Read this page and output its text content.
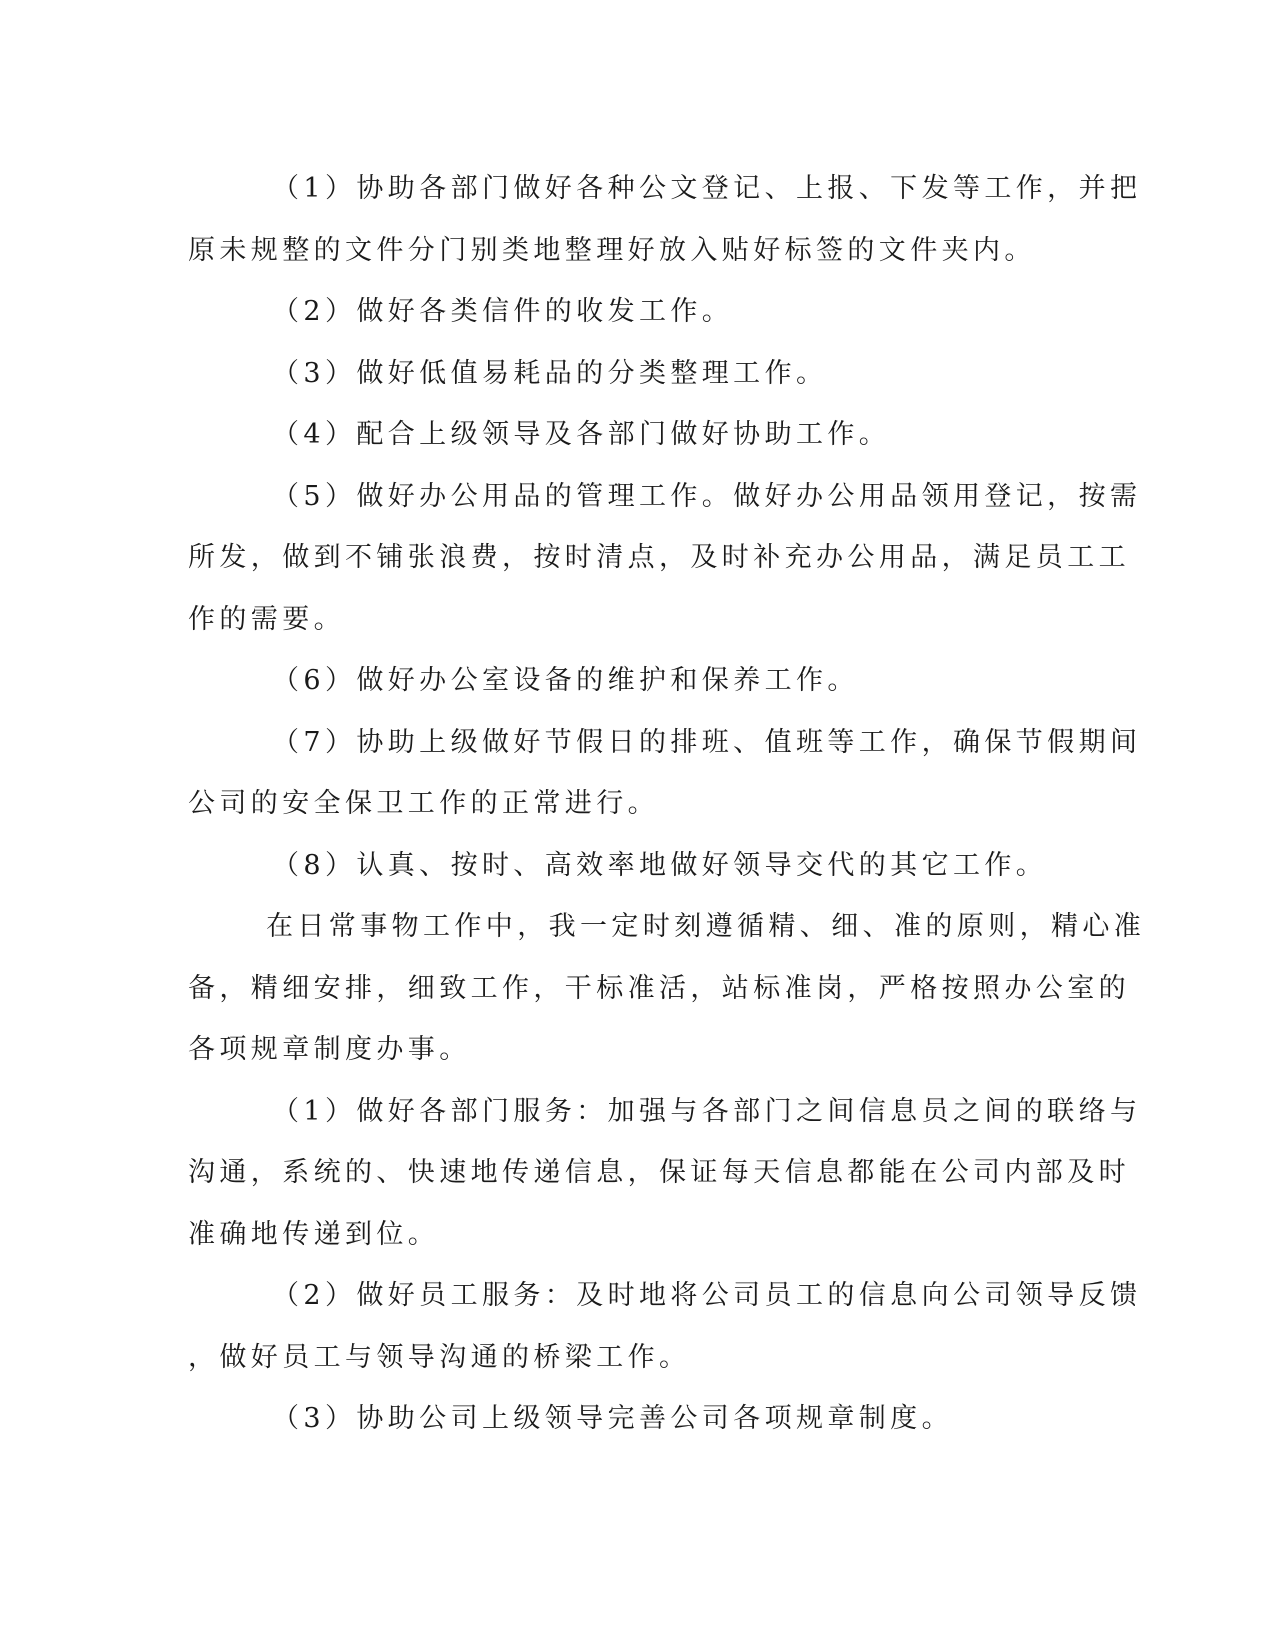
（1）协助各部门做好各种公文登记、上报、下发等工作，并把
原未规整的文件分门别类地整理好放入贴好标签的文件夹内。

（2）做好各类信件的收发工作。

（3）做好低值易耗品的分类整理工作。

（4）配合上级领导及各部门做好协助工作。

（5）做好办公用品的管理工作。做好办公用品领用登记，按需
所发，做到不铺张浪费，按时清点，及时补充办公用品，满足员工工
作的需要。

（6）做好办公室设备的维护和保养工作。

（7）协助上级做好节假日的排班、值班等工作，确保节假期间
公司的安全保卫工作的正常进行。

（8）认真、按时、高效率地做好领导交代的其它工作。

在日常事物工作中，我一定时刻遵循精、细、准的原则，精心准
备，精细安排，细致工作，干标准活，站标准岗，严格按照办公室的
各项规章制度办事。

（1）做好各部门服务：加强与各部门之间信息员之间的联络与
沟通，系统的、快速地传递信息，保证每天信息都能在公司内部及时
准确地传递到位。

（2）做好员工服务：及时地将公司员工的信息向公司领导反馈
，做好员工与领导沟通的桥梁工作。

（3）协助公司上级领导完善公司各项规章制度。
